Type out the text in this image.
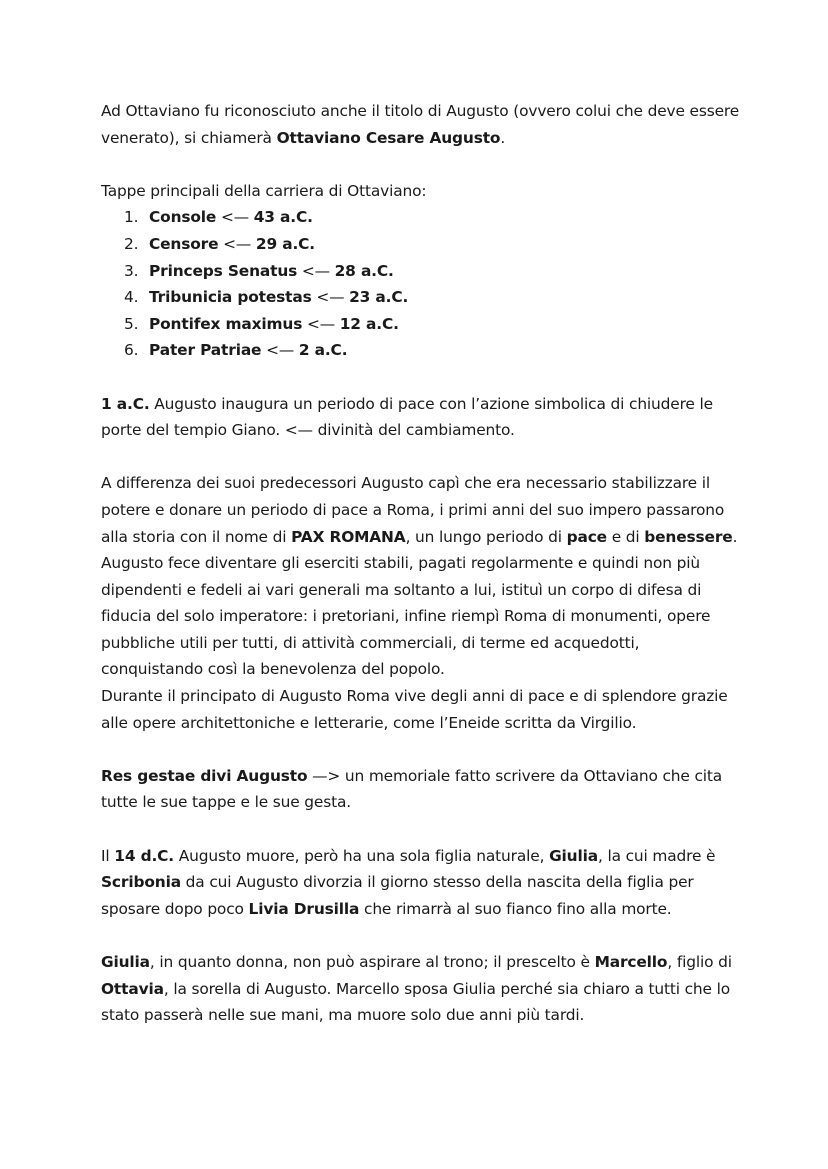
Ad Ottaviano fu riconosciuto anche il titolo di Augusto (ovvero colui che deve essere venerato), si chiamerà Ottaviano Cesare Augusto.

Tappe principali della carriera di Ottaviano:
1. Console <— 43 a.C.
2. Censore <— 29 a.C.
3. Princeps Senatus <— 28 a.C.
4. Tribunicia potestas <— 23 a.C.
5. Pontifex maximus <— 12 a.C.
6. Pater Patriae <— 2 a.C.

1 a.C. Augusto inaugura un periodo di pace con l’azione simbolica di chiudere le porte del tempio Giano. <— divinità del cambiamento.

A differenza dei suoi predecessori Augusto capì che era necessario stabilizzare il potere e donare un periodo di pace a Roma, i primi anni del suo impero passarono alla storia con il nome di PAX ROMANA, un lungo periodo di pace e di benessere. Augusto fece diventare gli eserciti stabili, pagati regolarmente e quindi non più dipendenti e fedeli ai vari generali ma soltanto a lui, istituì un corpo di difesa di fiducia del solo imperatore: i pretoriani, infine riempì Roma di monumenti, opere pubbliche utili per tutti, di attività commerciali, di terme ed acquedotti, conquistando così la benevolenza del popolo.

Durante il principato di Augusto Roma vive degli anni di pace e di splendore grazie alle opere architettoniche e letterarie, come l’Eneide scritta da Virgilio.

Res gestae divi Augusto —> un memoriale fatto scrivere da Ottaviano che cita tutte le sue tappe e le sue gesta.

Il 14 d.C. Augusto muore, però ha una sola figlia naturale, Giulia, la cui madre è Scribonia da cui Augusto divorzia il giorno stesso della nascita della figlia per sposare dopo poco Livia Drusilla che rimarrà al suo fianco fino alla morte.

Giulia, in quanto donna, non può aspirare al trono; il prescelto è Marcello, figlio di Ottavia, la sorella di Augusto. Marcello sposa Giulia perché sia chiaro a tutti che lo stato passerà nelle sue mani, ma muore solo due anni più tardi.
